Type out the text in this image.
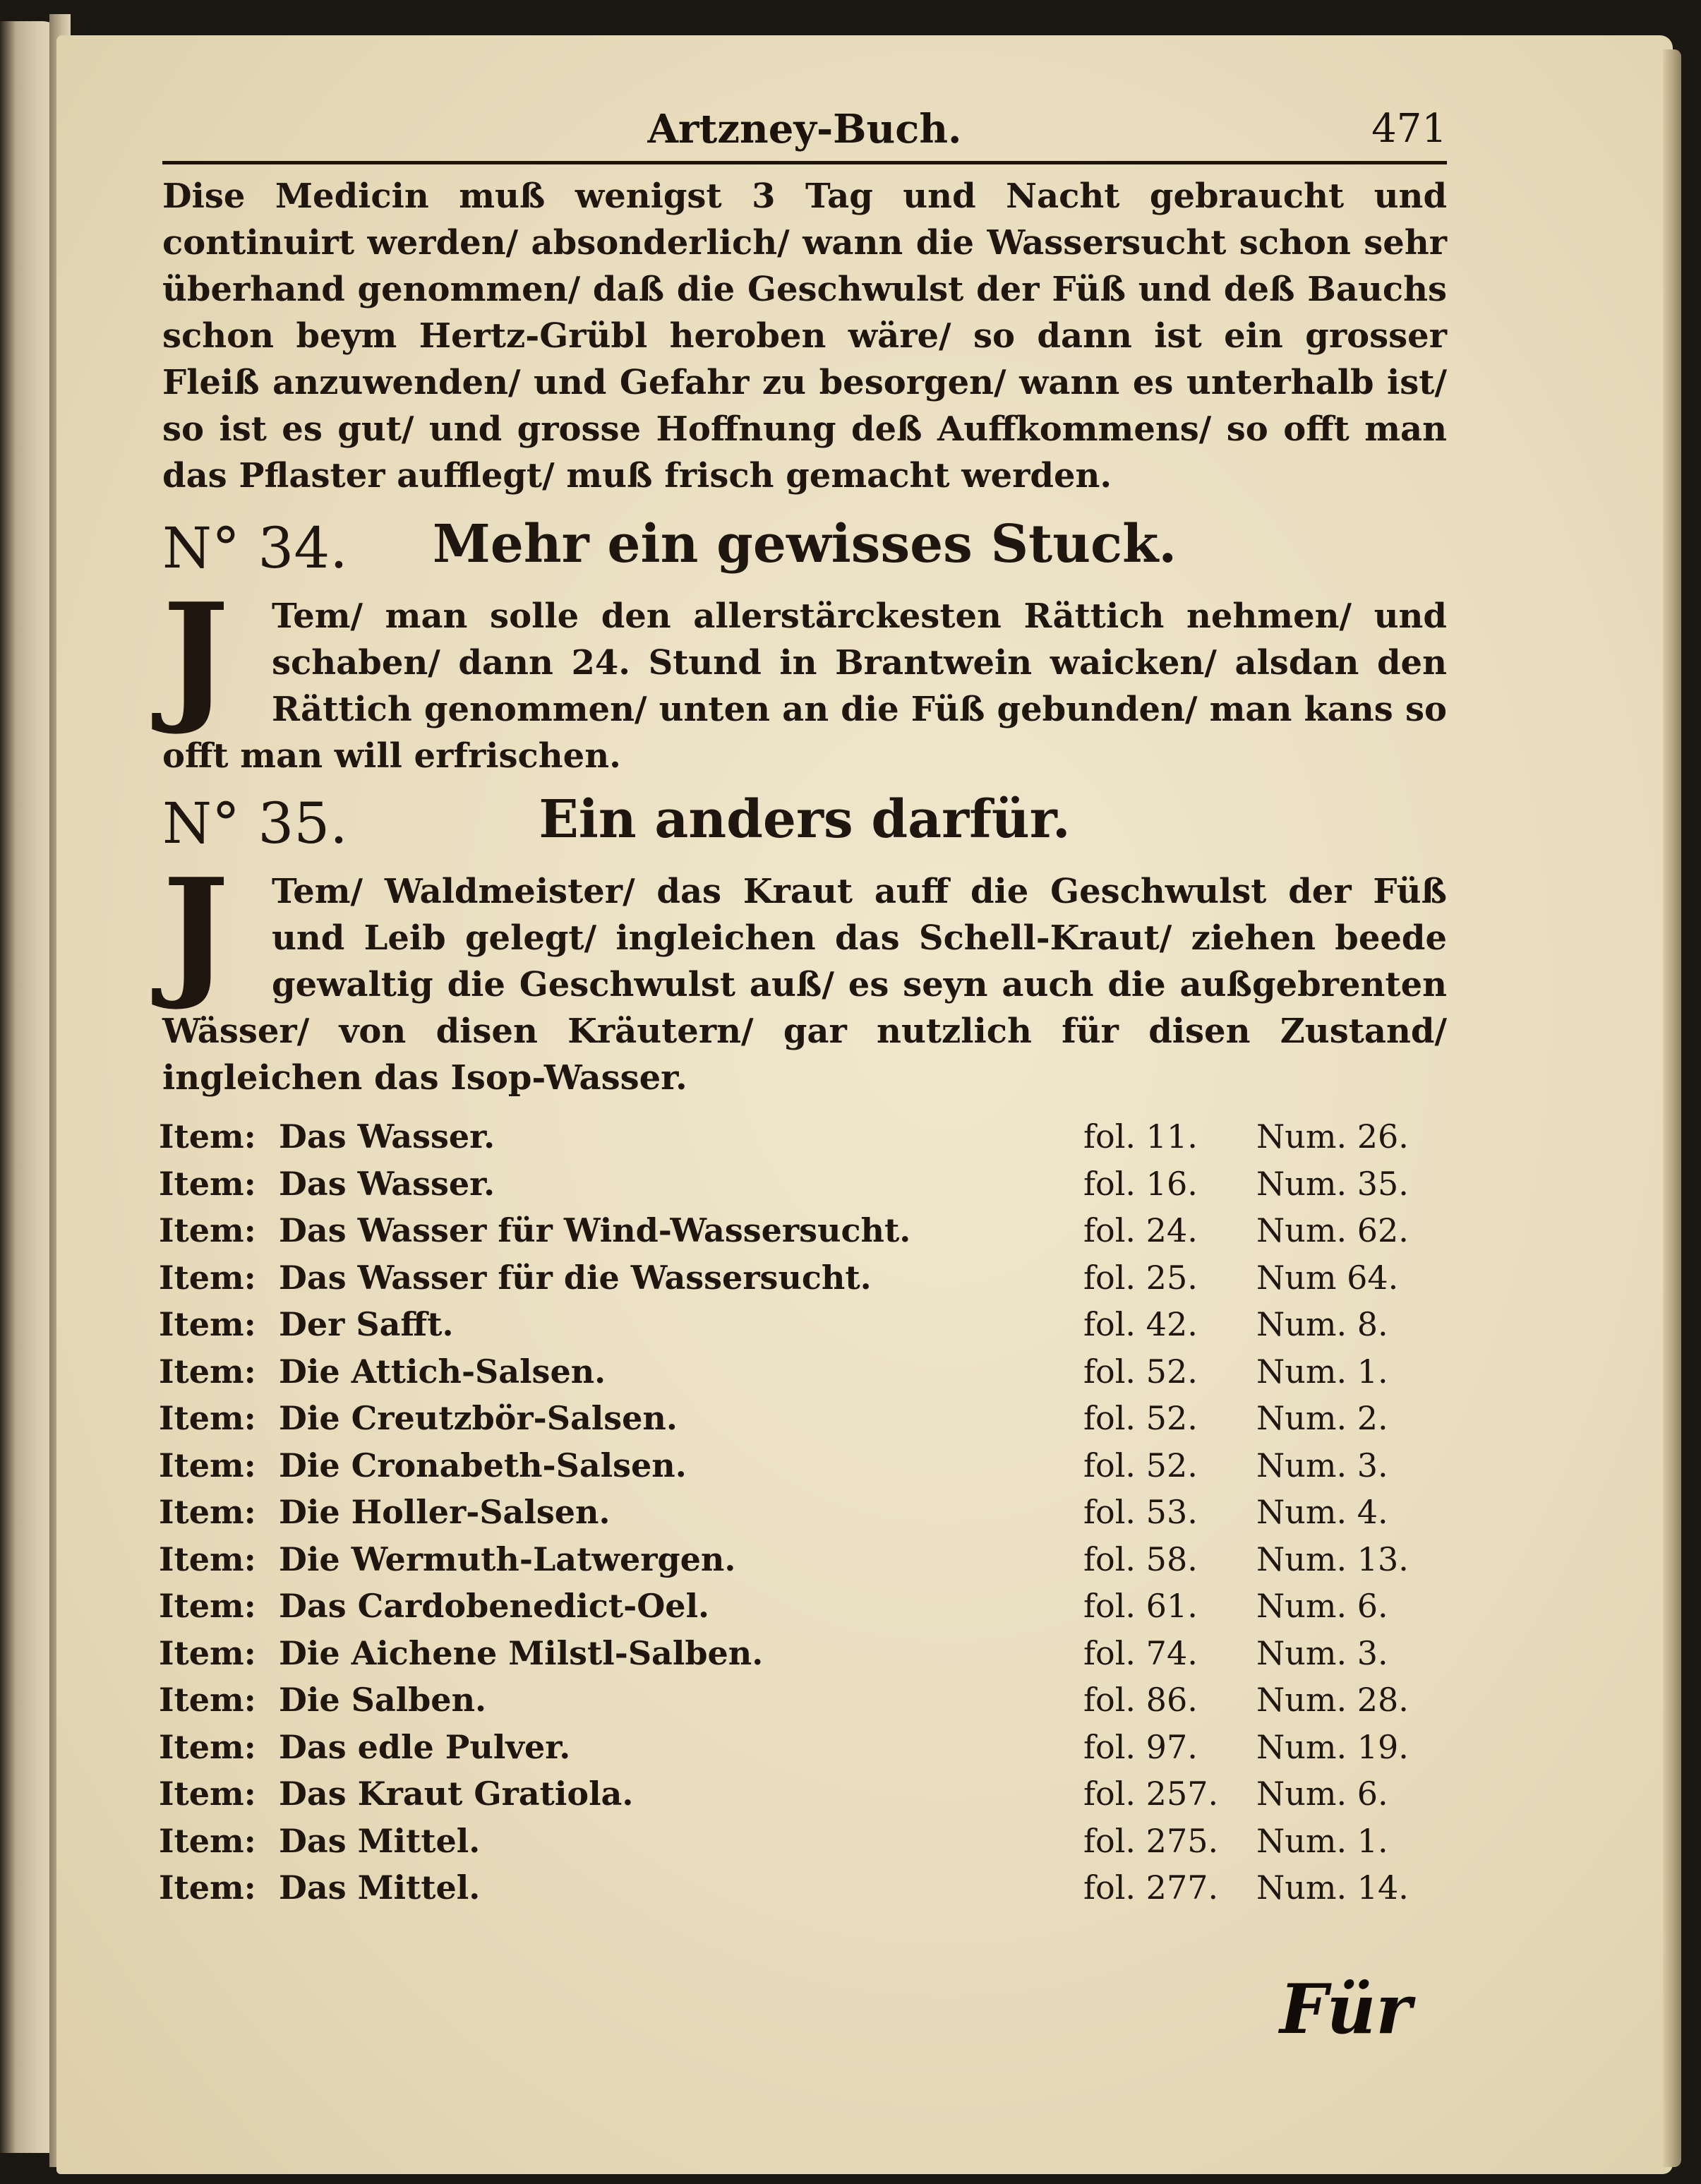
Artzney-Buch.	471

Dise Medicin muß wenigst 3 Tag und Nacht gebraucht und continuirt werden/ absonderlich/ wann die Wassersucht schon sehr überhand genommen/ daß die Geschwulst der Füß und deß Bauchs schon beym Hertz-Grübl heroben wäre/ so dann ist ein grosser Fleiß anzuwenden/ und Gefahr zu besorgen/ wann es unterhalb ist/ so ist es gut/ und grosse Hoffnung deß Auffkommens/ so offt man das Pflaster aufflegt/ muß frisch gemacht werden.

N° 34.	Mehr ein gewisses Stuck.

J	Tem/ man solle den allerstärckesten Rättich nehmen/ und schaben/ dann 24. Stund in Brantwein waicken/ alsdan den Rättich genommen/ unten an die Füß gebunden/ man kans so offt man will erfrischen.

N° 35.	Ein anders darfür.

J	Tem/ Waldmeister/ das Kraut auff die Geschwulst der Füß und Leib gelegt/ ingleichen das Schell-Kraut/ ziehen beede gewaltig die Geschwulst auß/ es seyn auch die außgebrenten Wässer/ von disen Kräutern/ gar nutzlich für disen Zustand/ ingleichen das Isop-Wasser.

Item: Das Wasser.	fol. 11. Num. 26.
Item: Das Wasser.	fol. 16. Num. 35.
Item: Das Wasser für Wind-Wassersucht.	fol. 24. Num. 62.
Item: Das Wasser für die Wassersucht.	fol. 25. Num 64.
Item: Der Safft.	fol. 42. Num. 8.
Item: Die Attich-Salsen.	fol. 52. Num. 1.
Item: Die Creutzbör-Salsen.	fol. 52. Num. 2.
Item: Die Cronabeth-Salsen.	fol. 52. Num. 3.
Item: Die Holler-Salsen.	fol. 53. Num. 4.
Item: Die Wermuth-Latwergen.	fol. 58. Num. 13.
Item: Das Cardobenedict-Oel.	fol. 61. Num. 6.
Item: Die Aichene Milstl-Salben.	fol. 74. Num. 3.
Item: Die Salben.	fol. 86. Num. 28.
Item: Das edle Pulver.	fol. 97. Num. 19.
Item: Das Kraut Gratiola.	fol. 257. Num. 6.
Item: Das Mittel.	fol. 275. Num. 1.
Item: Das Mittel.	fol. 277. Num. 14.
Für
